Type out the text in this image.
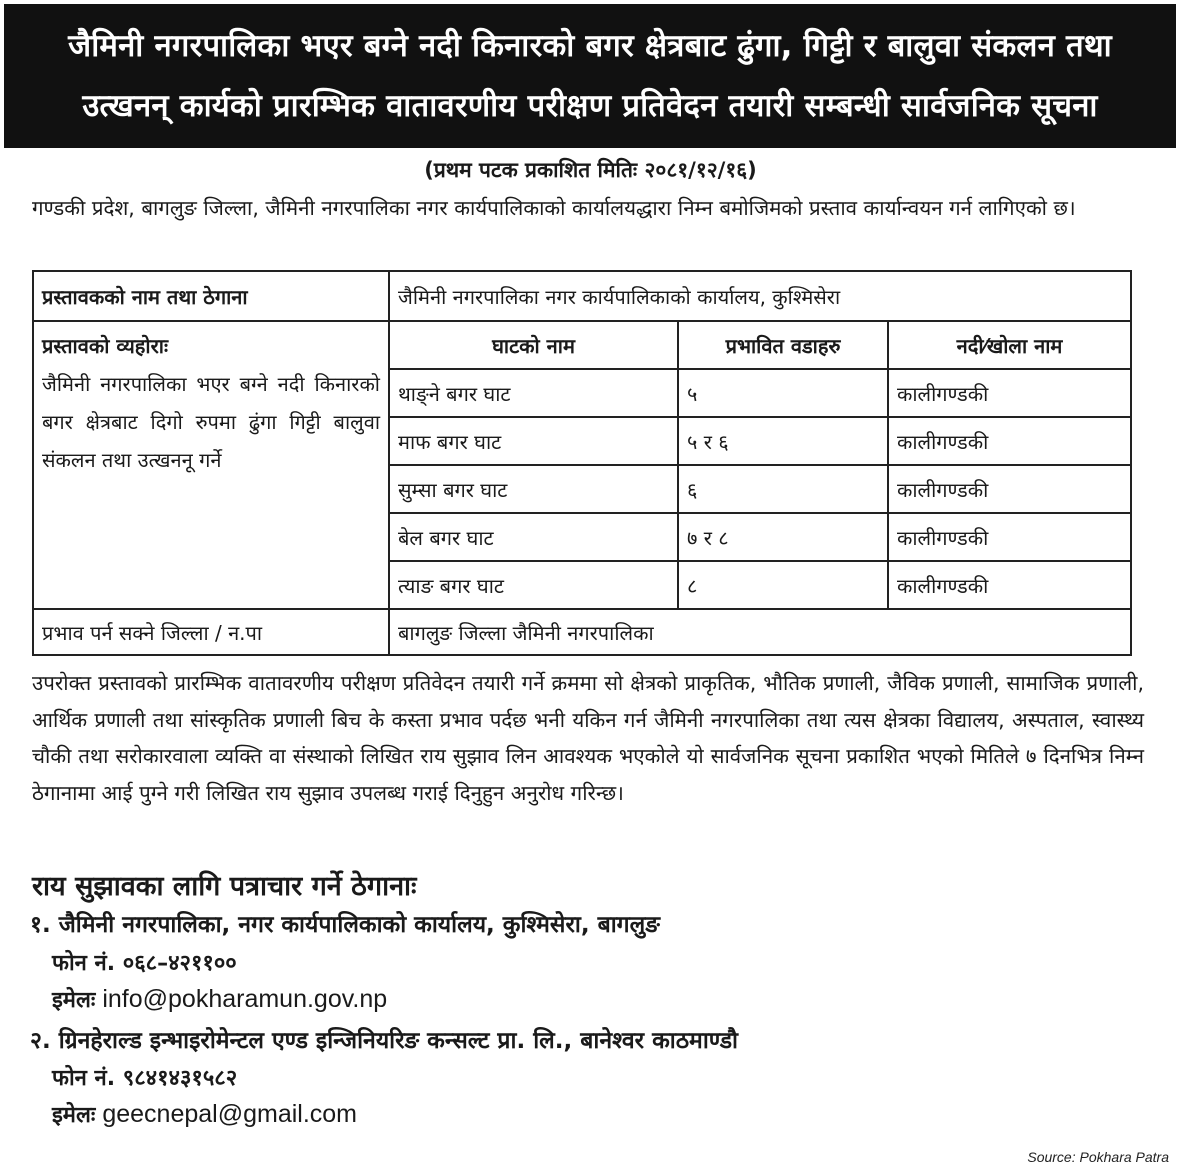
जैमिनी नगरपालिका भएर बग्ने नदी किनारको बगर क्षेत्रबाट ढुंगा, गिट्टी र बालुवा संकलन तथा
उत्खनन् कार्यको प्रारम्भिक वातावरणीय परीक्षण प्रतिवेदन तयारी सम्बन्धी सार्वजनिक सूचना
(प्रथम पटक प्रकाशित मितिः २०८१/१२/१६)
गण्डकी प्रदेश, बागलुङ जिल्ला, जैमिनी नगरपालिका नगर कार्यपालिकाको कार्यालयद्धारा निम्न बमोजिमको प्रस्ताव कार्यान्वयन गर्न लागिएको छ।
प्रस्तावकको नाम तथा ठेगाना	जैमिनी नगरपालिका नगर कार्यपालिकाको कार्यालय, कुश्मिसेरा

प्रस्तावको व्यहोराः
जैमिनी नगरपालिका भएर बग्ने नदी किनारको बगर क्षेत्रबाट दिगो रुपमा ढुंगा गिट्टी बालुवा संकलन तथा उत्खननू गर्ने

घाटको नाम	प्रभावित वडाहरु	नदी⁄खोला नाम
थाङ्ने बगर घाट	५	कालीगण्डकी
माफ बगर घाट	५ र ६	कालीगण्डकी
सुम्सा बगर घाट	६	कालीगण्डकी
बेल बगर घाट	७ र ८	कालीगण्डकी
त्याङ बगर घाट	८	कालीगण्डकी

प्रभाव पर्न सक्ने जिल्ला / न.पा	बागलुङ जिल्ला जैमिनी नगरपालिका
उपरोक्त प्रस्तावको प्रारम्भिक वातावरणीय परीक्षण प्रतिवेदन तयारी गर्ने क्रममा सो क्षेत्रको प्राकृतिक, भौतिक प्रणाली, जैविक प्रणाली, सामाजिक प्रणाली, आर्थिक प्रणाली तथा सांस्कृतिक प्रणाली बिच के कस्ता प्रभाव पर्दछ भनी यकिन गर्न जैमिनी नगरपालिका तथा त्यस क्षेत्रका विद्यालय, अस्पताल, स्वास्थ्य चौकी तथा सरोकारवाला व्यक्ति वा संस्थाको लिखित राय सुझाव लिन आवश्यक भएकोले यो सार्वजनिक सूचना प्रकाशित भएको मितिले ७ दिनभित्र निम्न ठेगानामा आई पुग्ने गरी लिखित राय सुझाव उपलब्ध गराई दिनुहुन अनुरोध गरिन्छ।
राय सुझावका लागि पत्राचार गर्ने ठेगानाः
१. जैमिनी नगरपालिका, नगर कार्यपालिकाको कार्यालय, कुश्मिसेरा, बागलुङ
फोन नं. ०६८–४२११००
इमेलः info@pokharamun.gov.np
२. ग्रिनहेराल्ड इन्भाइरोमेन्टल एण्ड इन्जिनियरिङ कन्सल्ट प्रा. लि., बानेश्वर काठमाण्डौ
फोन नं. ९८४१४३१५८२
इमेलः geecnepal@gmail.com
Source: Pokhara Patra
